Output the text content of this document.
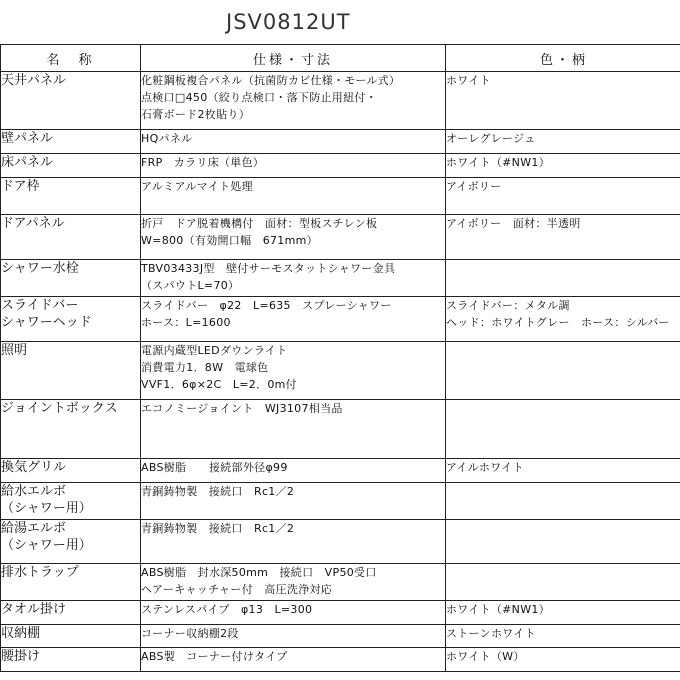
JSV0812UT
名　称	仕様・寸法	色・柄

天井パネル	化粧鋼板複合パネル（抗菌防カビ仕様・モール式）
点検口□450（絞り点検口・落下防止用紐付・
石膏ボード2枚貼り）	ホワイト

壁パネル	HQパネル	オーレグレージュ

床パネル	FRP　カラリ床（単色）	ホワイト（#NW1）

ドア枠	アルミアルマイト処理	アイボリー

ドアパネル	折戸　ドア脱着機構付　面材：型板スチレン板
W=800（有効開口幅　671mm）	アイボリー　面材：半透明

シャワー水栓	TBV03433J型　壁付サーモスタットシャワー金具
（スパウトL=70）	

スライドバー
シャワーヘッド	スライドバー　φ22　L=635　スプレーシャワー
ホース：L=1600	スライドバー：メタル調
ヘッド：ホワイトグレー　ホース：シルバー

照明	電源内蔵型LEDダウンライト
消費電力1．8W　電球色
VVF1．6φ×2C　L=2．0m付	

ジョイントボックス	エコノミージョイント　WJ3107相当品	

換気グリル	ABS樹脂　　接続部外径φ99	アイルホワイト

給水エルボ
（シャワー用）	青銅鋳物製　接続口　Rc1／2	

給湯エルボ
（シャワー用）	青銅鋳物製　接続口　Rc1／2	

排水トラップ	ABS樹脂　封水深50mm　接続口　VP50受口
ヘアーキャッチャー付　高圧洗浄対応	

タオル掛け	ステンレスパイプ　φ13　L=300	ホワイト（#NW1）

収納棚	コーナー収納棚2段	ストーンホワイト

腰掛け	ABS製　コーナー付けタイプ	ホワイト（W）
